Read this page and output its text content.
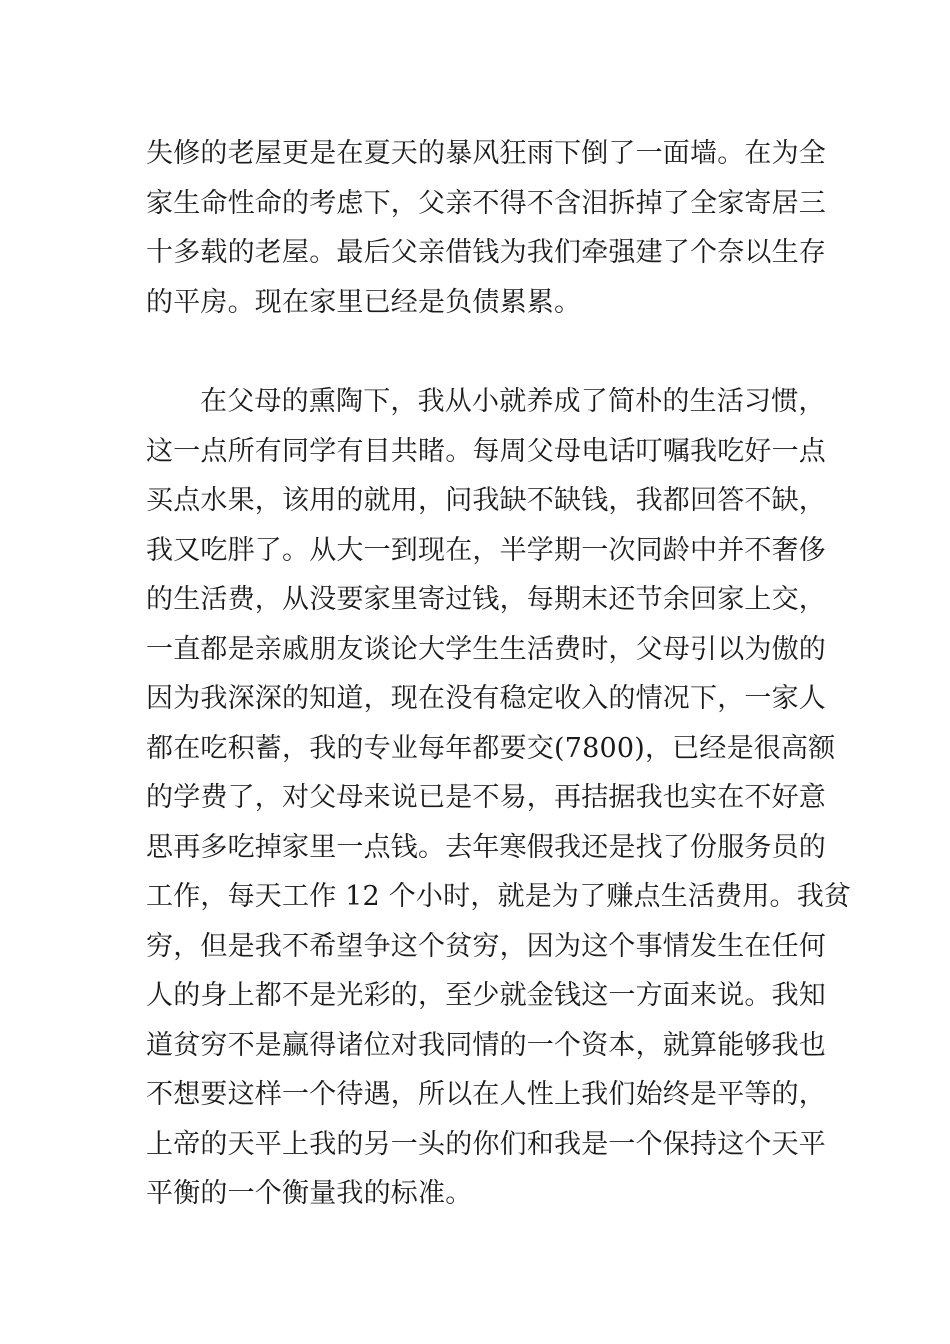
失修的老屋更是在夏天的暴风狂雨下倒了一面墙。在为全
家生命性命的考虑下，父亲不得不含泪拆掉了全家寄居三
十多载的老屋。最后父亲借钱为我们牵强建了个奈以生存
的平房。现在家里已经是负债累累。
在父母的熏陶下，我从小就养成了简朴的生活习惯，
这一点所有同学有目共睹。每周父母电话叮嘱我吃好一点
买点水果，该用的就用，问我缺不缺钱，我都回答不缺，
我又吃胖了。从大一到现在，半学期一次同龄中并不奢侈
的生活费，从没要家里寄过钱，每期末还节余回家上交，
一直都是亲戚朋友谈论大学生生活费时，父母引以为傲的
因为我深深的知道，现在没有稳定收入的情况下，一家人
都在吃积蓄，我的专业每年都要交(7800)，已经是很高额
的学费了，对父母来说已是不易，再拮据我也实在不好意
思再多吃掉家里一点钱。去年寒假我还是找了份服务员的
工作，每天工作 12 个小时，就是为了赚点生活费用。我贫
穷，但是我不希望争这个贫穷，因为这个事情发生在任何
人的身上都不是光彩的，至少就金钱这一方面来说。我知
道贫穷不是赢得诸位对我同情的一个资本，就算能够我也
不想要这样一个待遇，所以在人性上我们始终是平等的，
上帝的天平上我的另一头的你们和我是一个保持这个天平
平衡的一个衡量我的标准。
